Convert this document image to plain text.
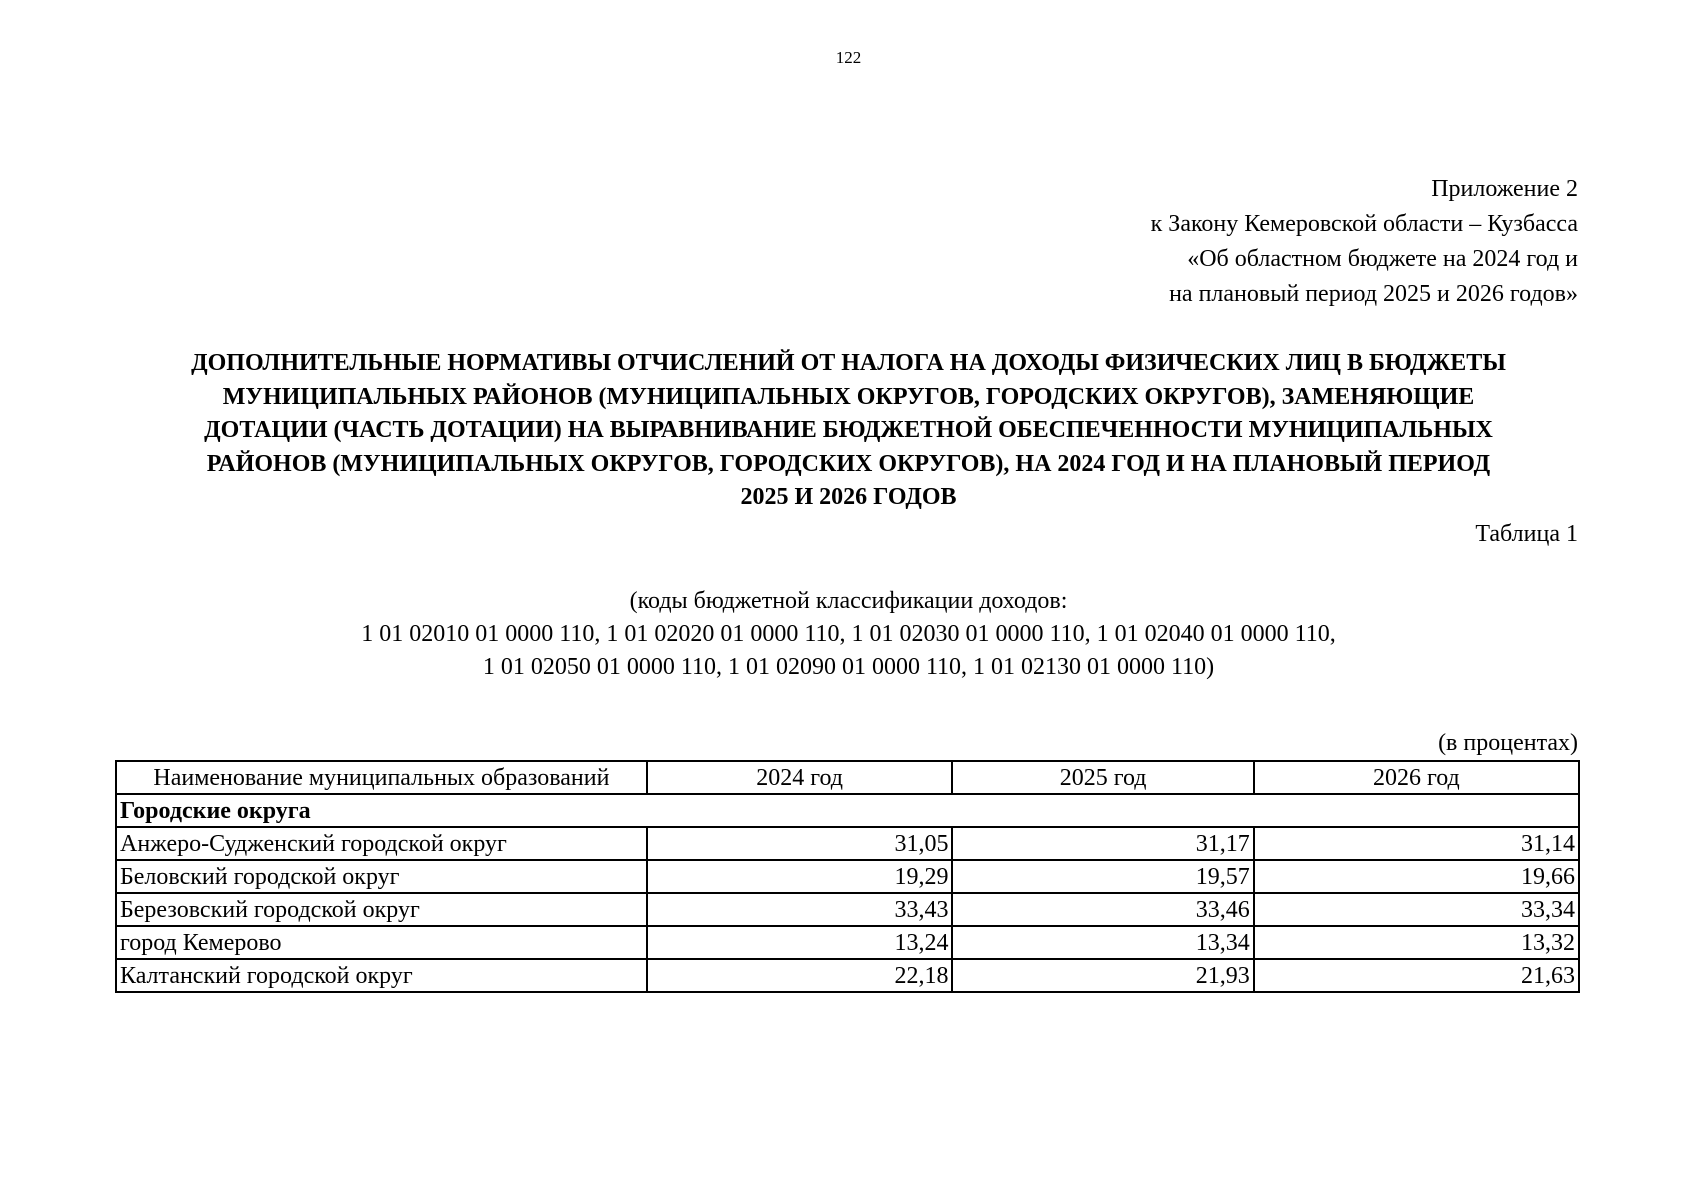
122
Приложение 2
к Закону Кемеровской области – Кузбасса
«Об областном бюджете на 2024 год и
на плановый период 2025 и 2026 годов»
ДОПОЛНИТЕЛЬНЫЕ НОРМАТИВЫ ОТЧИСЛЕНИЙ ОТ НАЛОГА НА ДОХОДЫ ФИЗИЧЕСКИХ ЛИЦ В БЮДЖЕТЫ
МУНИЦИПАЛЬНЫХ РАЙОНОВ (МУНИЦИПАЛЬНЫХ ОКРУГОВ, ГОРОДСКИХ ОКРУГОВ), ЗАМЕНЯЮЩИЕ
ДОТАЦИИ (ЧАСТЬ ДОТАЦИИ) НА ВЫРАВНИВАНИЕ БЮДЖЕТНОЙ ОБЕСПЕЧЕННОСТИ МУНИЦИПАЛЬНЫХ
РАЙОНОВ (МУНИЦИПАЛЬНЫХ ОКРУГОВ, ГОРОДСКИХ ОКРУГОВ), НА 2024 ГОД И НА ПЛАНОВЫЙ ПЕРИОД
2025 И 2026 ГОДОВ
Таблица 1
(коды бюджетной классификации доходов:
1 01 02010 01 0000 110, 1 01 02020 01 0000 110, 1 01 02030 01 0000 110, 1 01 02040 01 0000 110,
1 01 02050 01 0000 110, 1 01 02090 01 0000 110, 1 01 02130 01 0000 110)
(в процентах)
Наименование муниципальных образований	2024 год	2025 год	2026 год
Городские округа			
Анжеро-Судженский городской округ	31,05	31,17	31,14
Беловский городской округ	19,29	19,57	19,66
Березовский городской округ	33,43	33,46	33,34
город Кемерово	13,24	13,34	13,32
Калтанский городской округ	22,18	21,93	21,63
